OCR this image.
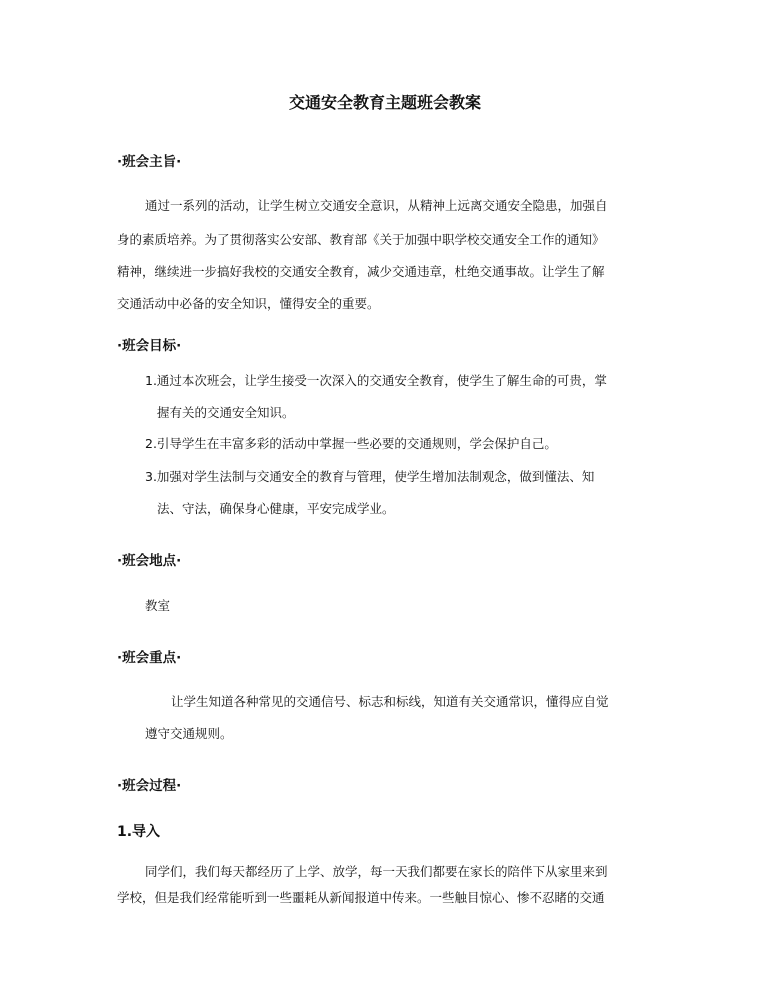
交通安全教育主题班会教案
·班会主旨·

通过一系列的活动，让学生树立交通安全意识，从精神上远离交通安全隐患，加强自

身的素质培养。为了贯彻落实公安部、教育部《关于加强中职学校交通安全工作的通知》

精神，继续进一步搞好我校的交通安全教育，减少交通违章，杜绝交通事故。让学生了解

交通活动中必备的安全知识，懂得安全的重要。

·班会目标·

1.通过本次班会，让学生接受一次深入的交通安全教育，使学生了解生命的可贵，掌

握有关的交通安全知识。

2.引导学生在丰富多彩的活动中掌握一些必要的交通规则，学会保护自己。

3.加强对学生法制与交通安全的教育与管理，使学生增加法制观念，做到懂法、知

法、守法，确保身心健康，平安完成学业。

·班会地点·

教室

·班会重点·

让学生知道各种常见的交通信号、标志和标线，知道有关交通常识，懂得应自觉

遵守交通规则。

·班会过程·
1.导入

同学们，我们每天都经历了上学、放学，每一天我们都要在家长的陪伴下从家里来到

学校，但是我们经常能听到一些噩耗从新闻报道中传来。一些触目惊心、惨不忍睹的交通
